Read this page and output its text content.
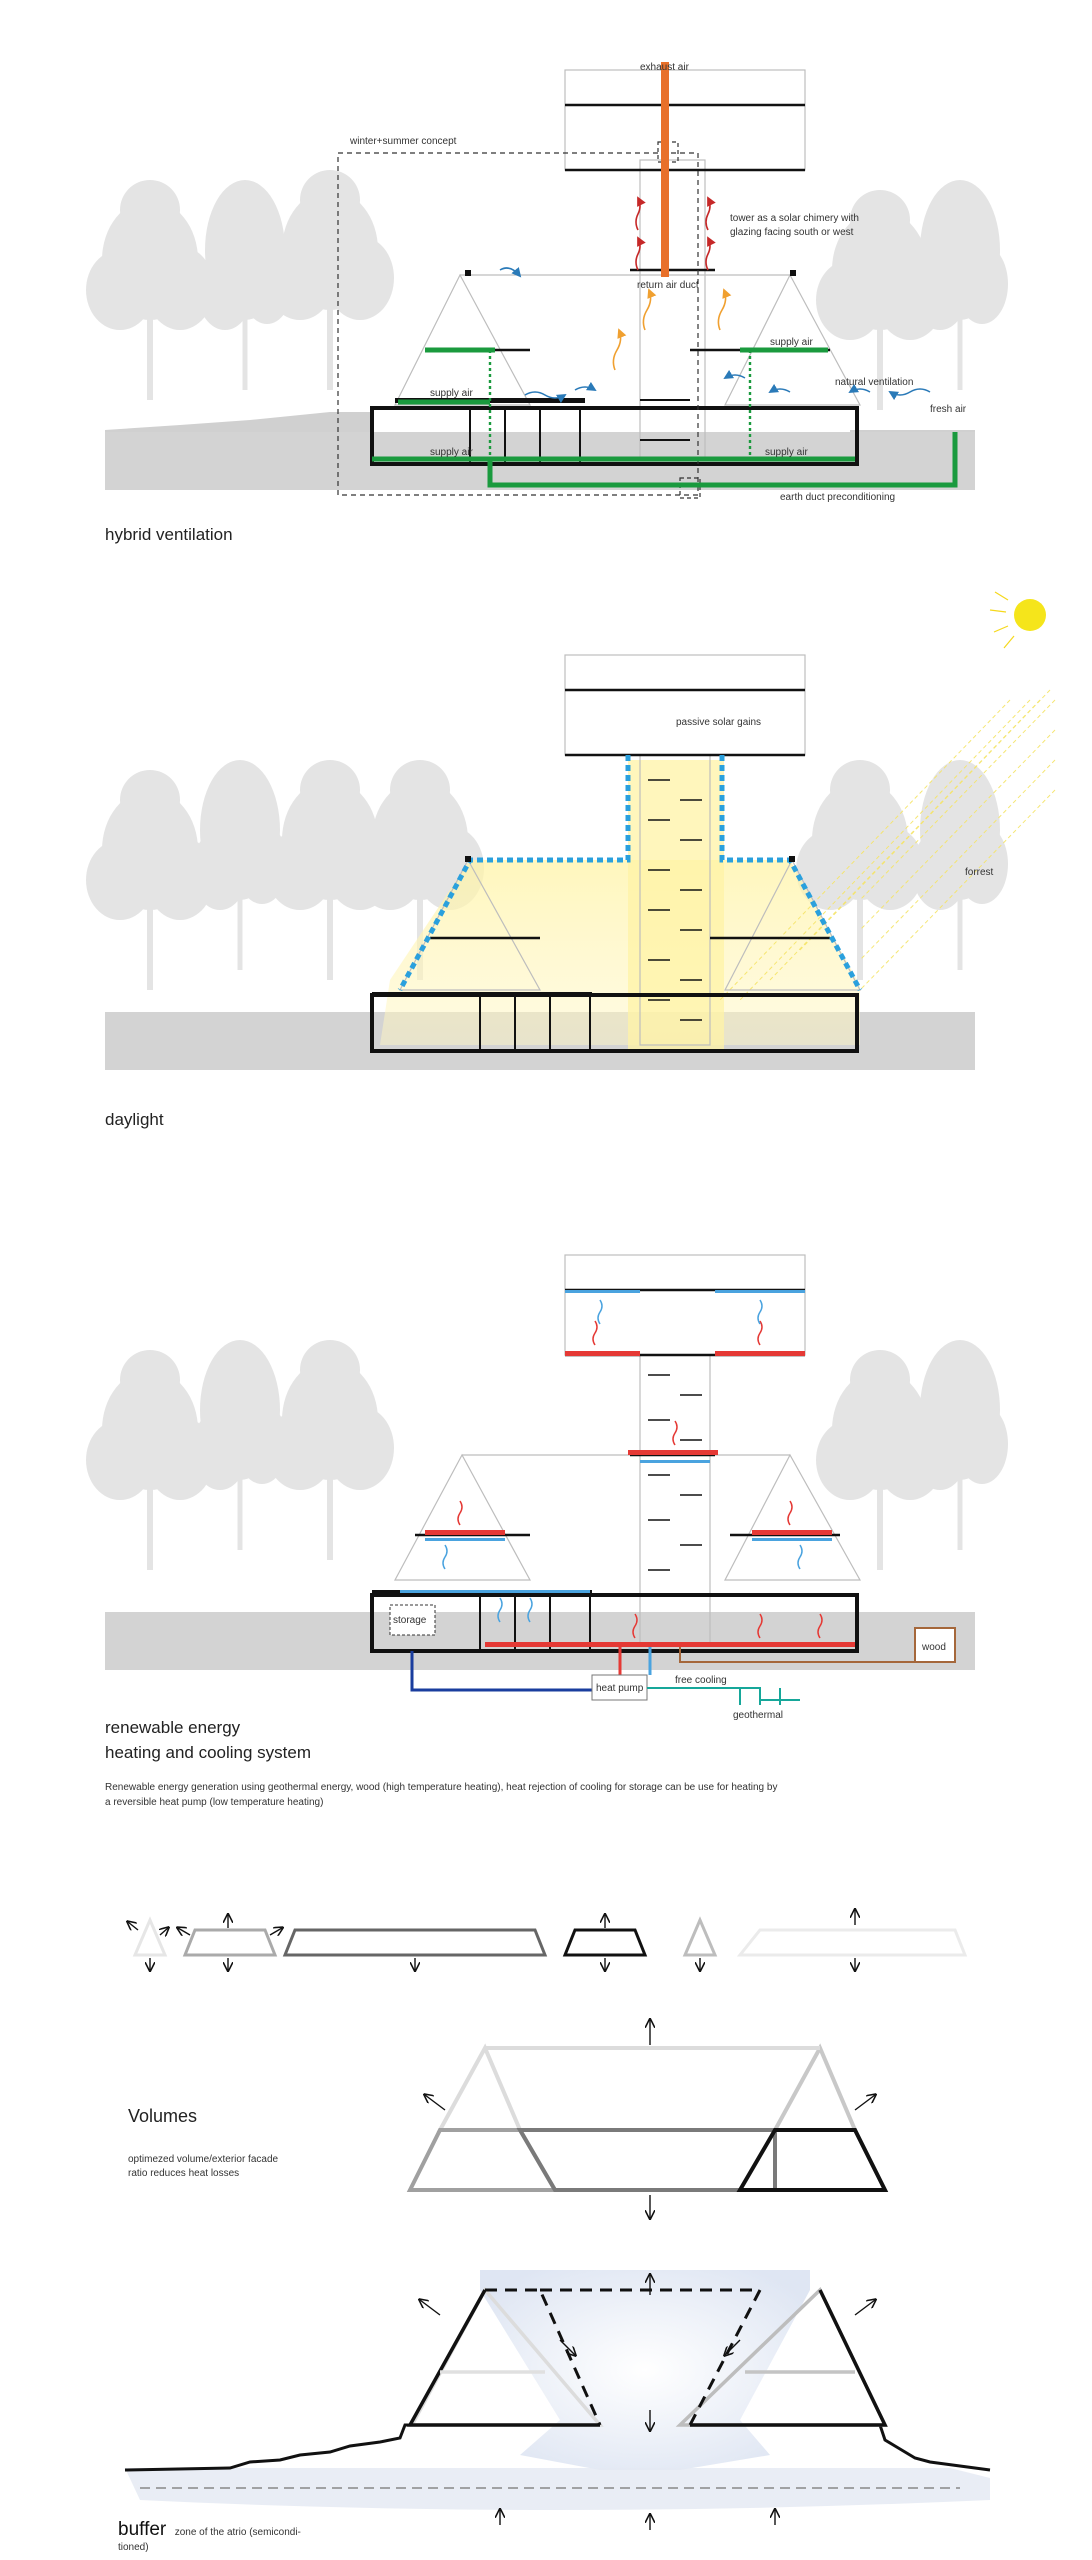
exhaust air
winter+summer concept
tower as a solar chimery with
glazing facing south or west
return air duct
supply air
supply air
natural ventilation
fresh air
supply air	supply air
earth duct preconditioning
hybrid ventilation
passive solar gains
forrest
daylight
storage
heat pump
free cooling
geothermal
wood
renewable energy
heating and cooling system
Renewable energy generation using geothermal energy, wood (high temperature heating), heat rejection of cooling for storage can be use for heating by
a reversible heat pump (low temperature heating)
Volumes
optimezed volume/exterior facade
ratio reduces heat losses
buffer zone of the atrio (semicondi-
tioned)
